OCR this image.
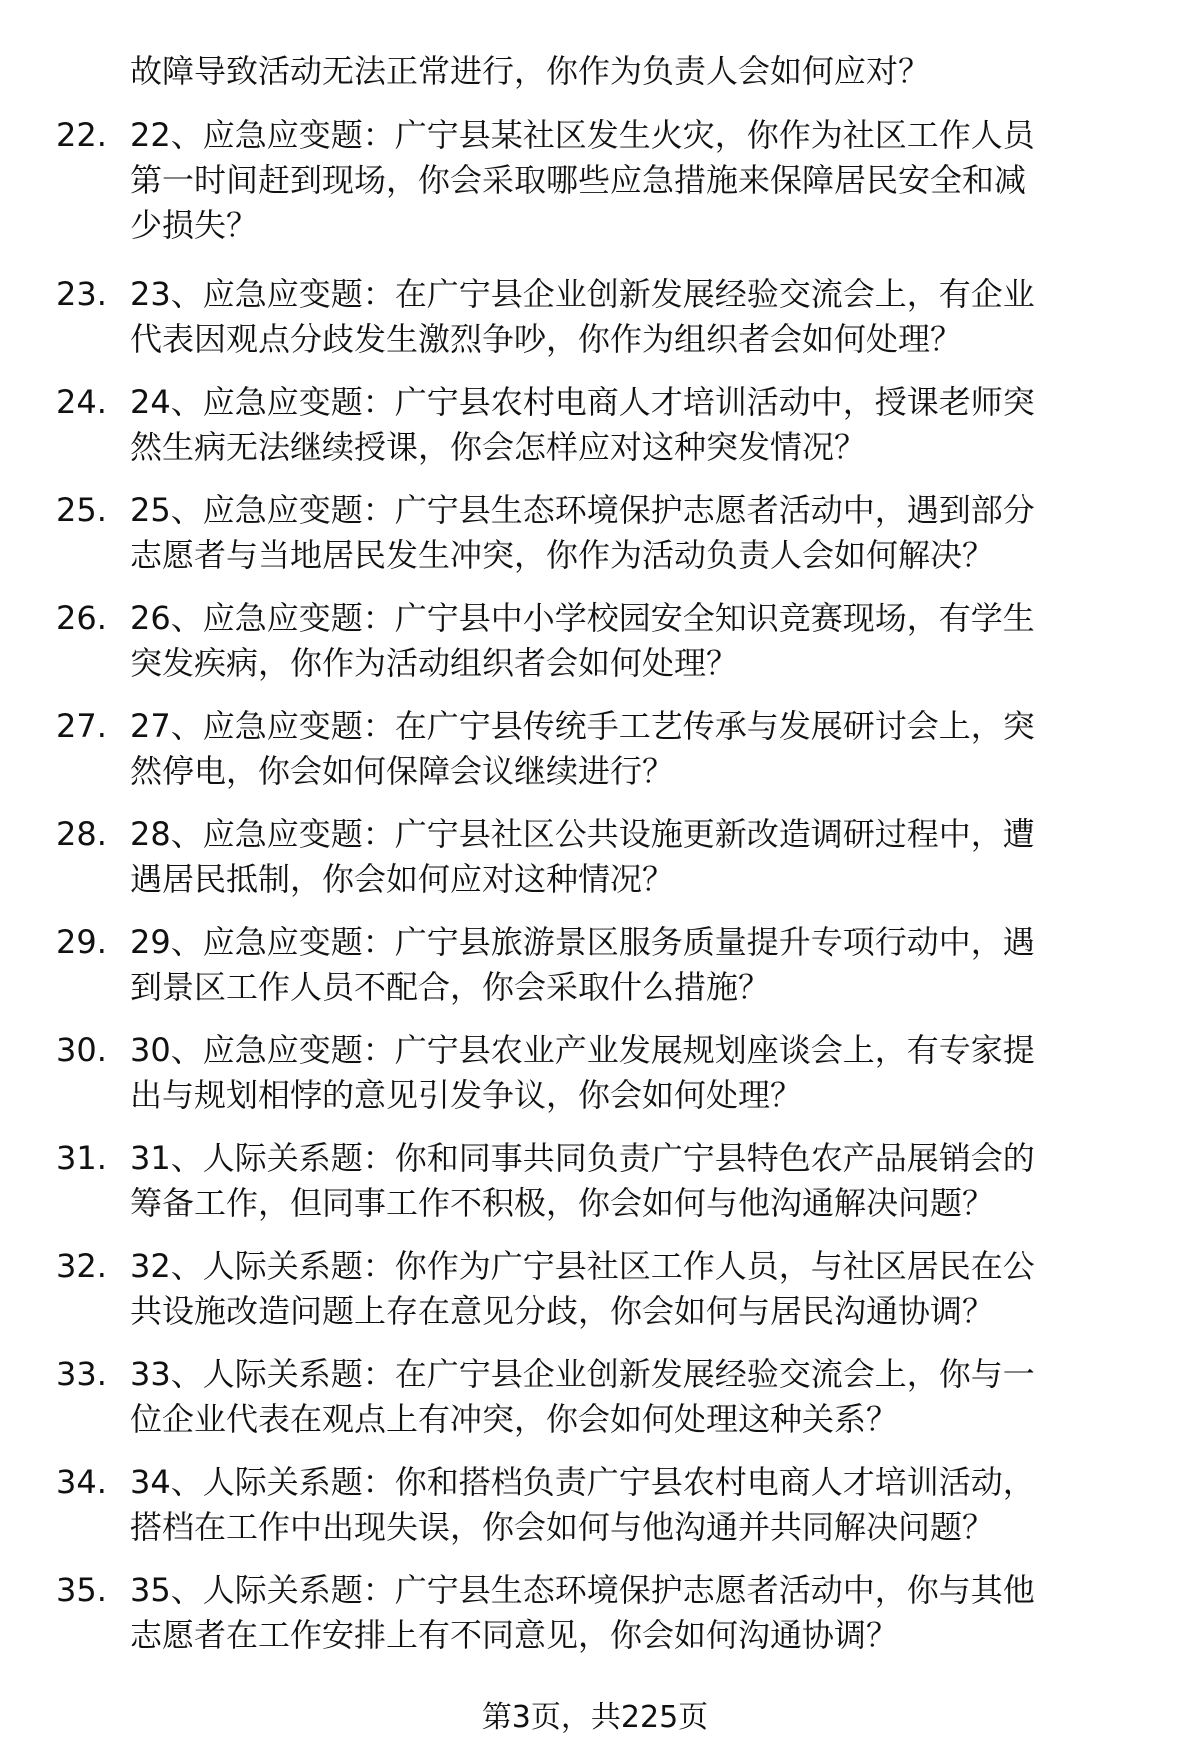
故障导致活动无法正常进行，你作为负责人会如何应对？
22. 22、应急应变题：广宁县某社区发生火灾，你作为社区工作人员
第一时间赶到现场，你会采取哪些应急措施来保障居民安全和减
少损失？
23. 23、应急应变题：在广宁县企业创新发展经验交流会上，有企业
代表因观点分歧发生激烈争吵，你作为组织者会如何处理？
24. 24、应急应变题：广宁县农村电商人才培训活动中，授课老师突
然生病无法继续授课，你会怎样应对这种突发情况？
25. 25、应急应变题：广宁县生态环境保护志愿者活动中，遇到部分
志愿者与当地居民发生冲突，你作为活动负责人会如何解决？
26. 26、应急应变题：广宁县中小学校园安全知识竞赛现场，有学生
突发疾病，你作为活动组织者会如何处理？
27. 27、应急应变题：在广宁县传统手工艺传承与发展研讨会上，突
然停电，你会如何保障会议继续进行？
28. 28、应急应变题：广宁县社区公共设施更新改造调研过程中，遭
遇居民抵制，你会如何应对这种情况？
29. 29、应急应变题：广宁县旅游景区服务质量提升专项行动中，遇
到景区工作人员不配合，你会采取什么措施？
30. 30、应急应变题：广宁县农业产业发展规划座谈会上，有专家提
出与规划相悖的意见引发争议，你会如何处理？
31. 31、人际关系题：你和同事共同负责广宁县特色农产品展销会的
筹备工作，但同事工作不积极，你会如何与他沟通解决问题？
32. 32、人际关系题：你作为广宁县社区工作人员，与社区居民在公
共设施改造问题上存在意见分歧，你会如何与居民沟通协调？
33. 33、人际关系题：在广宁县企业创新发展经验交流会上，你与一
位企业代表在观点上有冲突，你会如何处理这种关系？
34. 34、人际关系题：你和搭档负责广宁县农村电商人才培训活动，
搭档在工作中出现失误，你会如何与他沟通并共同解决问题？
35. 35、人际关系题：广宁县生态环境保护志愿者活动中，你与其他
志愿者在工作安排上有不同意见，你会如何沟通协调？
第3页，共225页
